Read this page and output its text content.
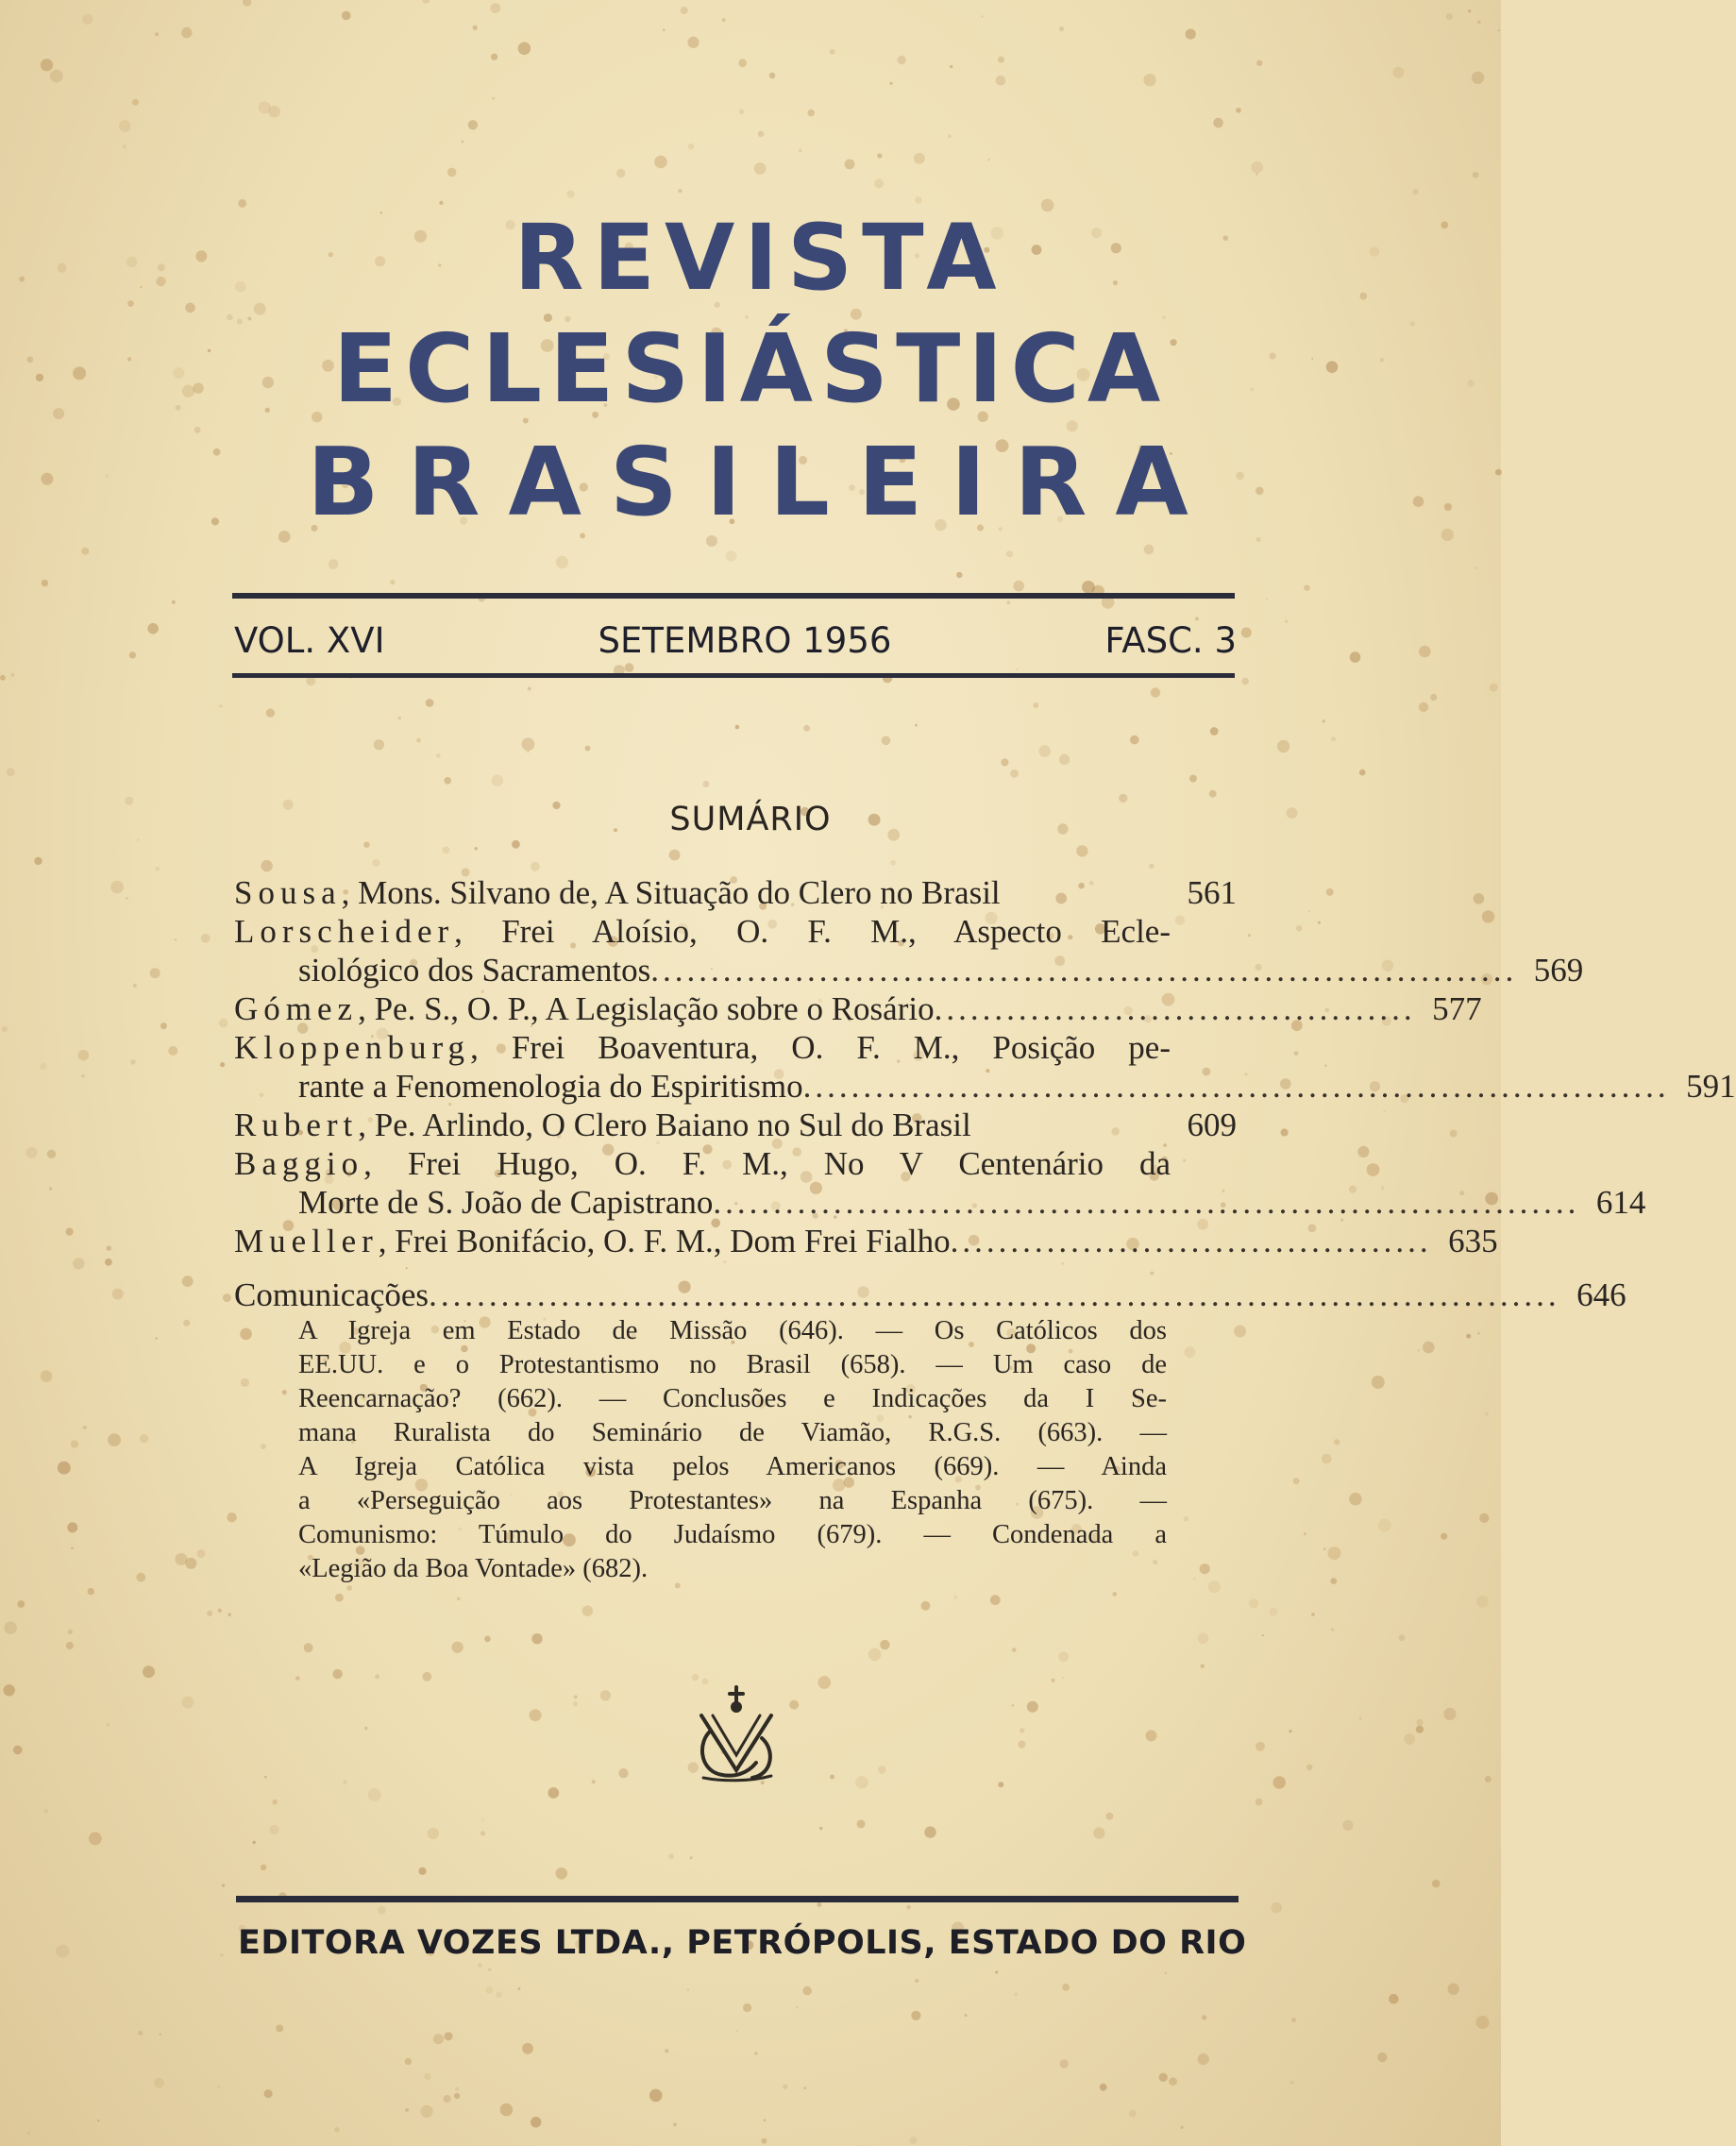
REVISTA
ECLESIÁSTICA
BRASILEIRA
VOL. XVI	SETEMBRO 1956	FASC. 3
SUMÁRIO
Sousa, Mons. Silvano de, A Situação do Clero no Brasil	561
Lorscheider, Frei Aloísio, O. F. M., Aspecto Ecle-
siológico dos Sacramentos ........................................................................ 569
Gómez, Pe. S., O. P., A Legislação sobre o Rosário ........................................ 577
Kloppenburg, Frei Boaventura, O. F. M., Posição pe-
rante a Fenomenologia do Espiritismo ........................................................................ 591
Rubert, Pe. Arlindo, O Clero Baiano no Sul do Brasil	609
Baggio, Frei Hugo, O. F. M., No V Centenário da
Morte de S. João de Capistrano ........................................................................ 614
Mueller, Frei Bonifácio, O. F. M., Dom Frei Fialho ........................................ 635
Comunicações .............................................................................................. 646
A Igreja em Estado de Missão (646). — Os Católicos dos
EE.UU. e o Protestantismo no Brasil (658). — Um caso de
Reencarnação? (662). — Conclusões e Indicações da I Se-
mana Ruralista do Seminário de Viamão, R.G.S. (663). —
A Igreja Católica vista pelos Americanos (669). — Ainda
a «Perseguição aos Protestantes» na Espanha (675). —
Comunismo: Túmulo do Judaísmo (679). — Condenada a
«Legião da Boa Vontade» (682).
EDITORA VOZES LTDA., PETRÓPOLIS, ESTADO DO RIO
